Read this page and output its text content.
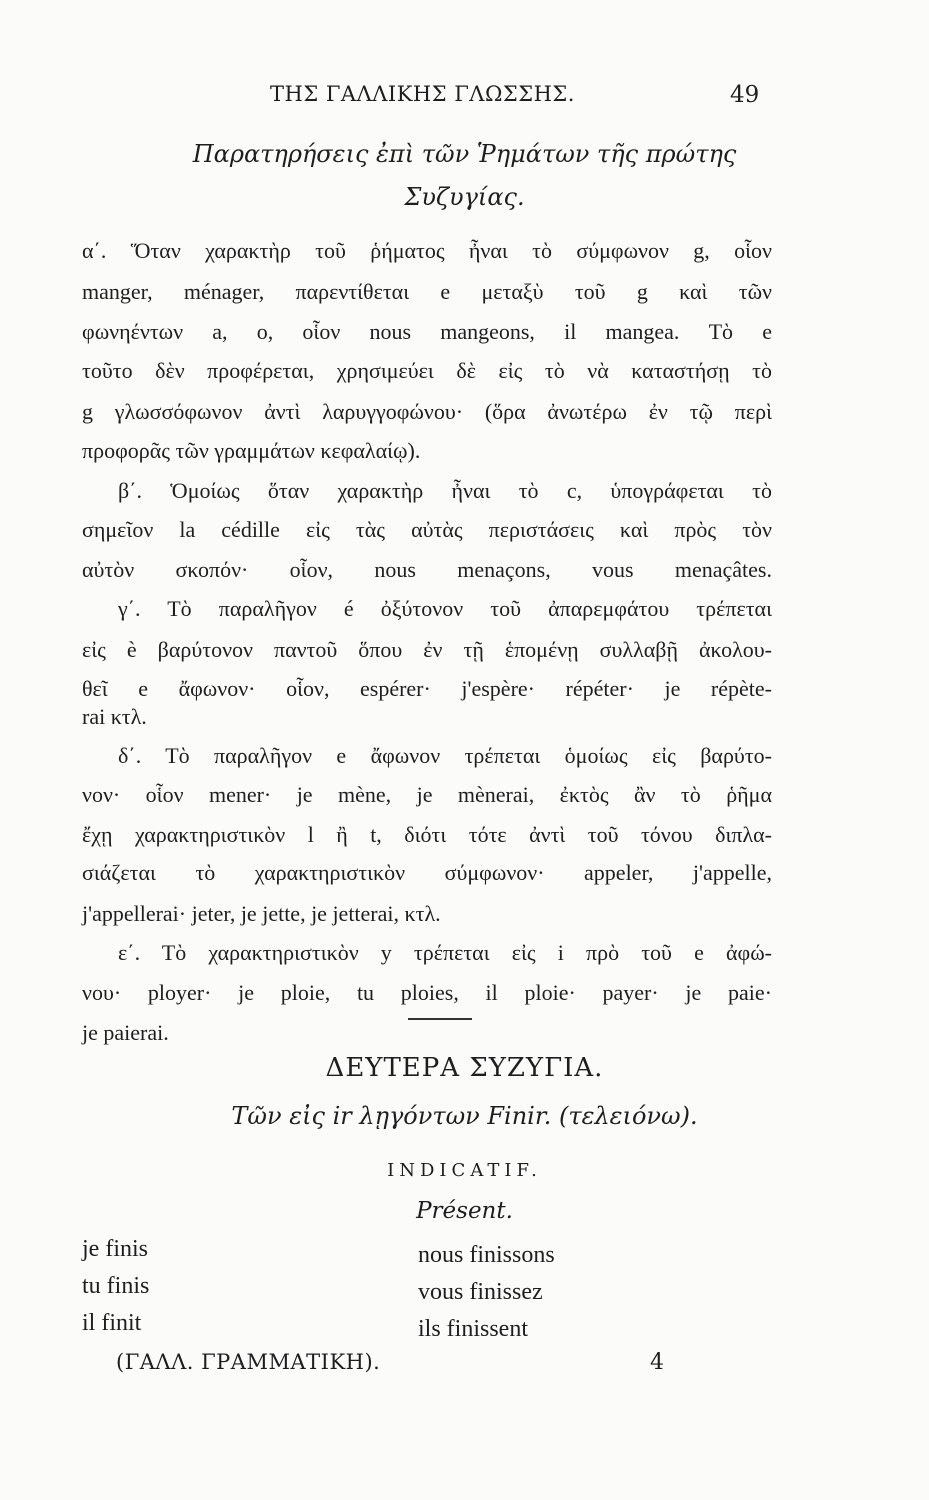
ΤΗΣ ΓΑΛΛΙΚΗΣ ΓΛΩΣΣΗΣ.	49
Παρατηρήσεις ἐπὶ τῶν Ῥημάτων τῆς πρώτης
Συζυγίας.
α΄. Ὅταν χαρακτὴρ τοῦ ῥήματος ἦναι τὸ σύμφωνον g, οἷον
manger, ménager, παρεντίθεται e μεταξὺ τοῦ g καὶ τῶν
φωνηέντων a, o, οἷον nous mangeons, il mangea. Τὸ e
τοῦτο δὲν προφέρεται, χρησιμεύει δὲ εἰς τὸ νὰ καταστήσῃ τὸ
g γλωσσόφωνον ἀντὶ λαρυγγοφώνου· (ὅρα ἀνωτέρω ἐν τῷ περὶ
προφορᾶς τῶν γραμμάτων κεφαλαίῳ).
β΄. Ὁμοίως ὅταν χαρακτὴρ ἦναι τὸ c, ὑπογράφεται τὸ
σημεῖον la cédille εἰς τὰς αὐτὰς περιστάσεις καὶ πρὸς τὸν
αὐτὸν σκοπόν· οἷον, nous menaçons, vous menaçâtes.
γ΄. Τὸ παραλῆγον é ὀξύτονον τοῦ ἀπαρεμφάτου τρέπεται
εἰς è βαρύτονον παντοῦ ὅπου ἐν τῇ ἑπομένῃ συλλαβῇ ἀκολου-
θεῖ e ἄφωνον· οἷον, espérer· j'espère· répéter· je répète-
rai κτλ.
δ΄. Τὸ παραλῆγον e ἄφωνον τρέπεται ὁμοίως εἰς βαρύτο-
νον· οἷον mener· je mène, je mènerai, ἐκτὸς ἂν τὸ ῥῆμα
ἔχῃ χαρακτηριστικὸν l ἢ t, διότι τότε ἀντὶ τοῦ τόνου διπλα-
σιάζεται τὸ χαρακτηριστικὸν σύμφωνον· appeler, j'appelle,
j'appellerai· jeter, je jette, je jetterai, κτλ.
ε΄. Τὸ χαρακτηριστικὸν y τρέπεται εἰς i πρὸ τοῦ e ἀφώ-
νου· ployer· je ploie, tu ploies, il ploie· payer· je paie·
je paierai.
ΔΕΥΤΕΡΑ ΣΥΖΥΓΙΑ.
Τῶν εἰς ir λῃγόντων Finir. (τελειόνω).
INDICATIF.
Présent.
je finis
tu finis
il finit
nous finissons
vous finissez
ils finissent
(ΓΑΛΛ. ΓΡΑΜΜΑΤΙΚΗ).	4
